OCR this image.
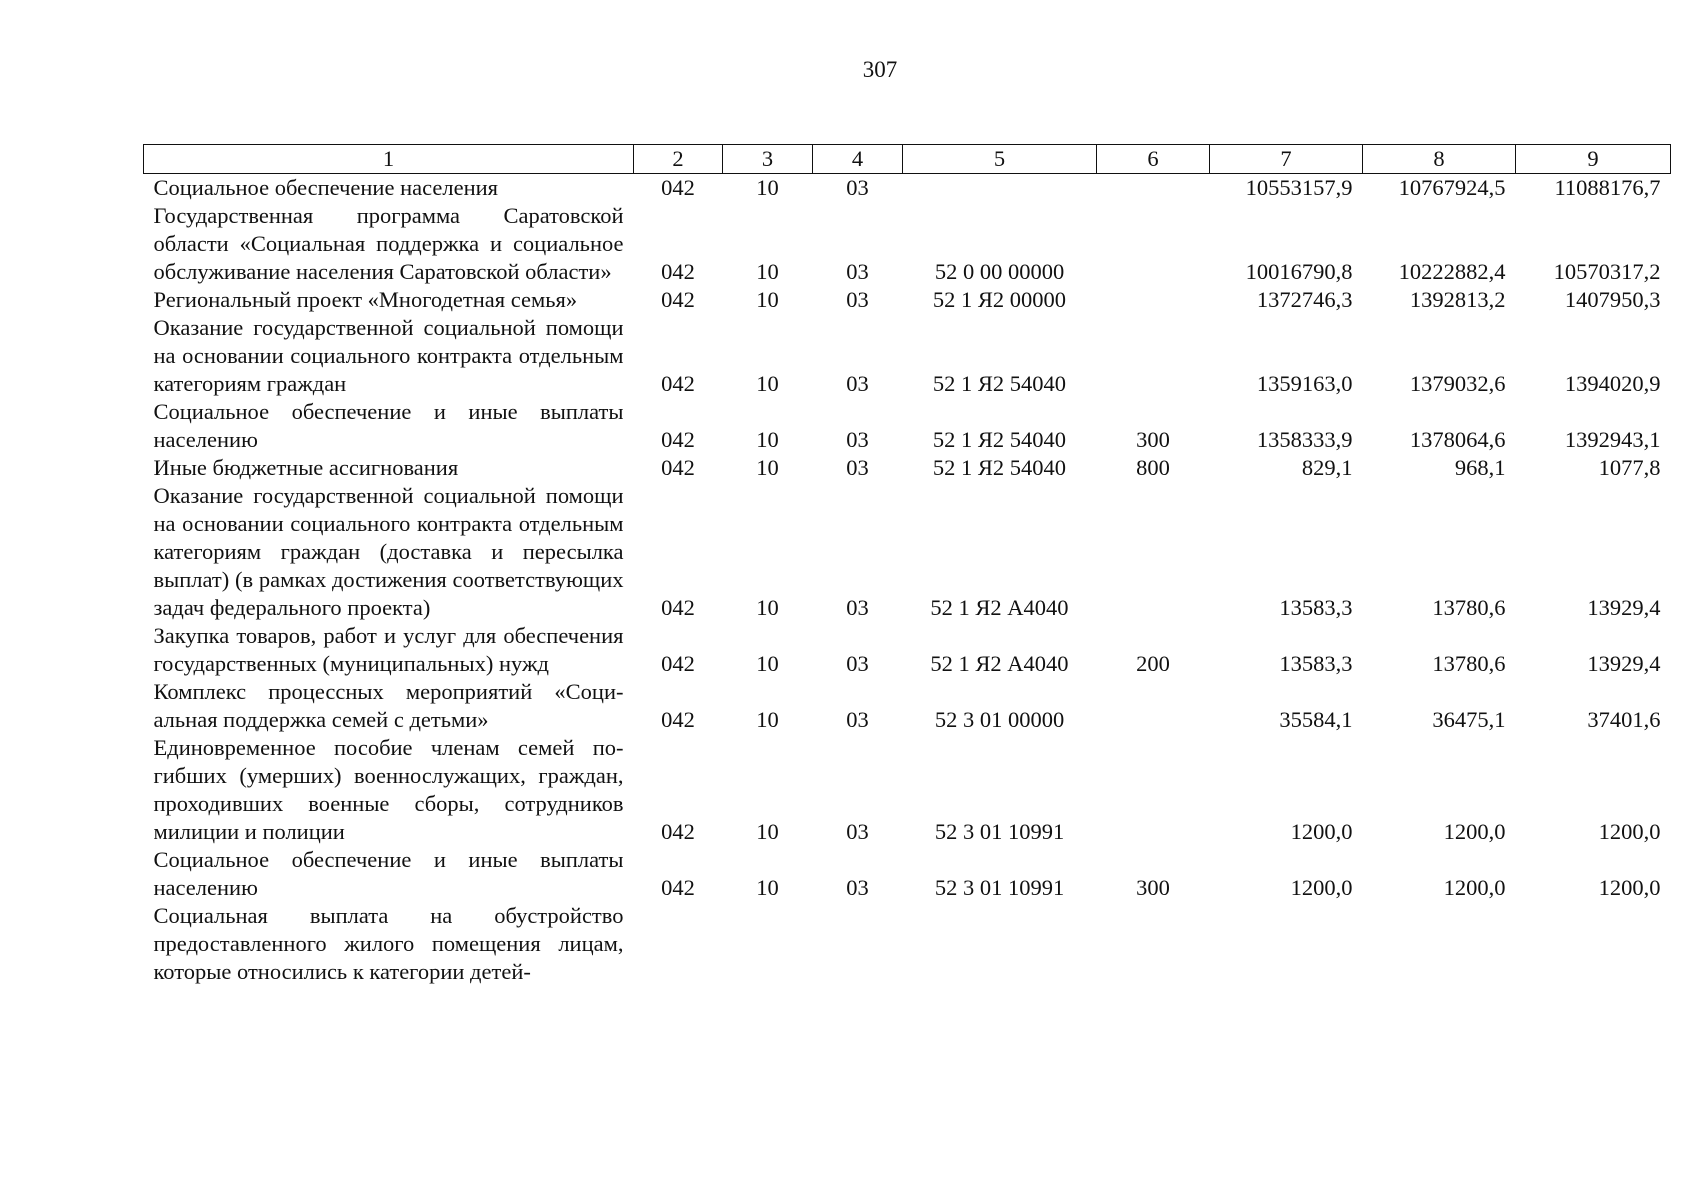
307
1	2	3	4	5	6	7	8	9
Социальное обеспечение населения	042	10	03			10553157,9	10767924,5	11088176,7
Государственная программа Саратовской области «Социальная поддержка и социальное обслуживание населения Саратовской области»	042	10	03	52 0 00 00000		10016790,8	10222882,4	10570317,2
Региональный проект «Многодетная семья»	042	10	03	52 1 Я2 00000		1372746,3	1392813,2	1407950,3
Оказание государственной социальной помощи на основании социального контракта отдельным категориям граждан	042	10	03	52 1 Я2 54040		1359163,0	1379032,6	1394020,9
Социальное обеспечение и иные выплаты населению	042	10	03	52 1 Я2 54040	300	1358333,9	1378064,6	1392943,1
Иные бюджетные ассигнования	042	10	03	52 1 Я2 54040	800	829,1	968,1	1077,8
Оказание государственной социальной помощи на основании социального контракта отдельным категориям граждан (доставка и пересылка выплат) (в рамках достижения соответствующих задач федерального проекта)	042	10	03	52 1 Я2 А4040		13583,3	13780,6	13929,4
Закупка товаров, работ и услуг для обеспечения государственных (муниципальных) нужд	042	10	03	52 1 Я2 А4040	200	13583,3	13780,6	13929,4
Комплекс процессных мероприятий «Социальная поддержка семей с детьми»	042	10	03	52 3 01 00000		35584,1	36475,1	37401,6
Единовременное пособие членам семей погибших (умерших) военнослужащих, граждан, проходивших военные сборы, сотрудников милиции и полиции	042	10	03	52 3 01 10991		1200,0	1200,0	1200,0
Социальное обеспечение и иные выплаты населению	042	10	03	52 3 01 10991	300	1200,0	1200,0	1200,0
Социальная выплата на обустройство предоставленного жилого помещения лицам, которые относились к категории детей-								
